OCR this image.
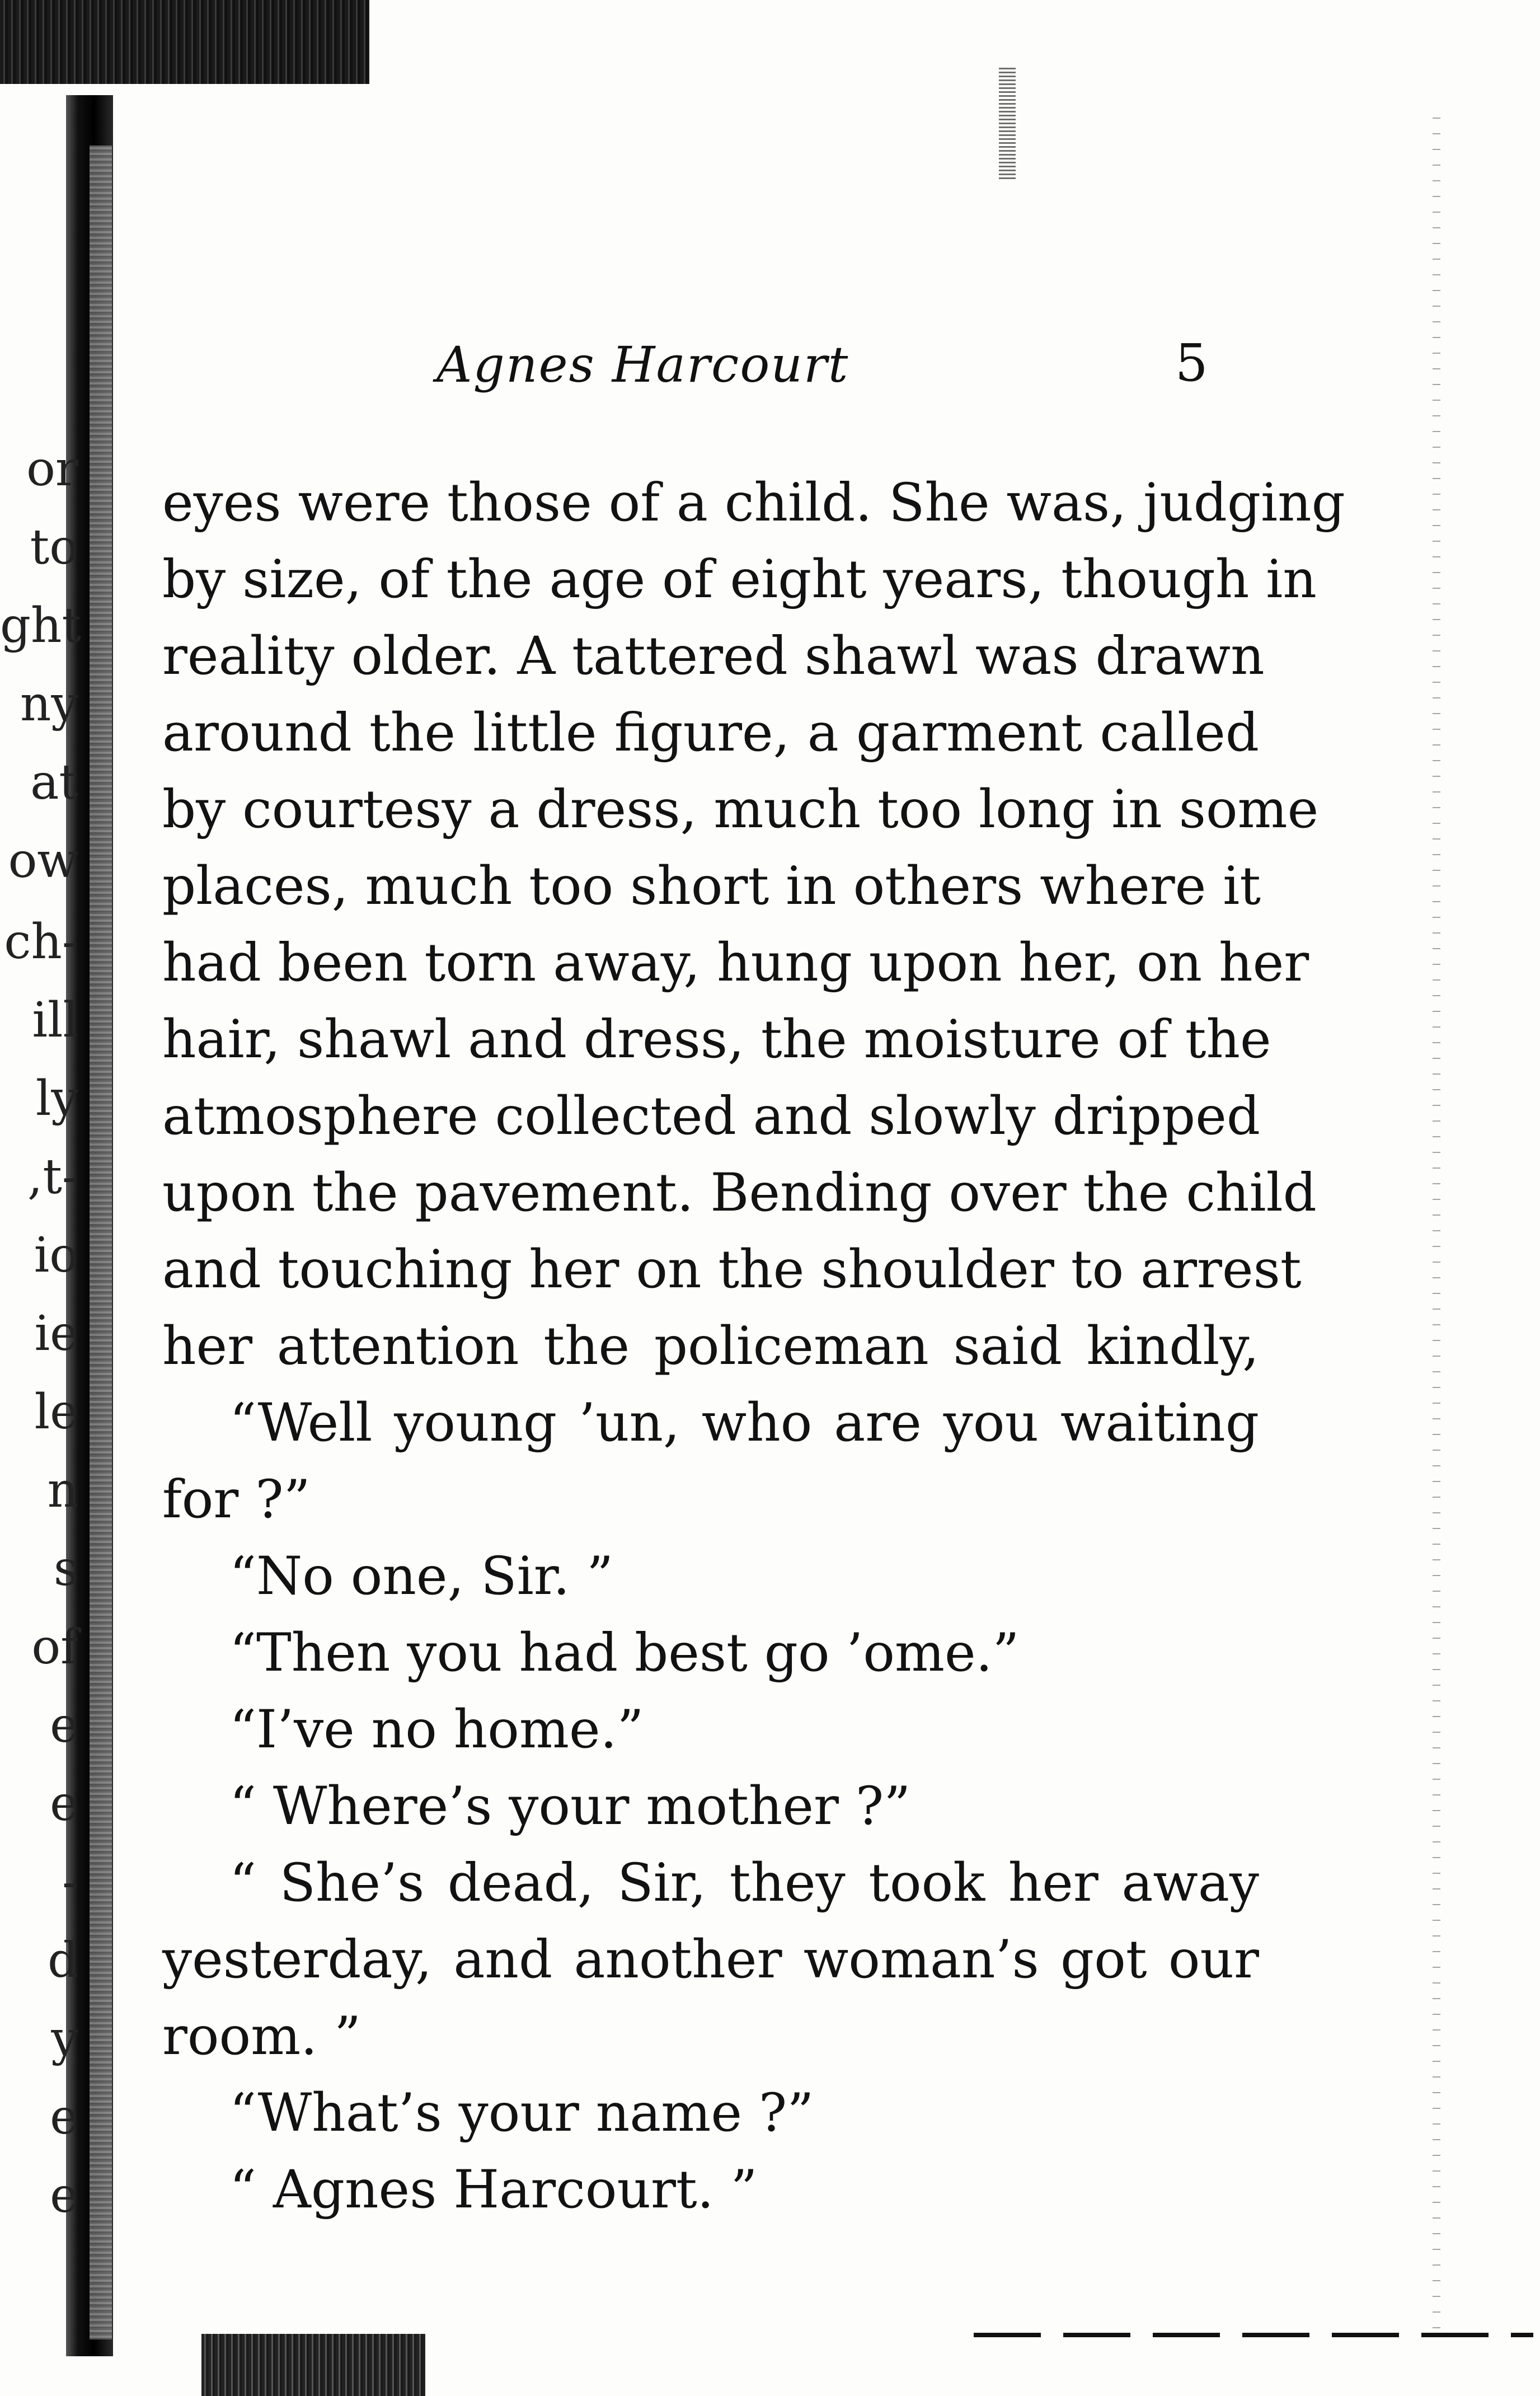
or
to
ght
ny
at
ow
ch-
ill
ly
,t-
io
ie
le
n
s
of
e
e
-
d
y
e
e
Agnes Harcourt	5
eyes were those of a child. She was, judging
by size, of the age of eight years, though in
reality older. A tattered shawl was drawn
around the little figure, a garment called
by courtesy a dress, much too long in some
places, much too short in others where it
had been torn away, hung upon her, on her
hair, shawl and dress, the moisture of the
atmosphere collected and slowly dripped
upon the pavement. Bending over the child
and touching her on the shoulder to arrest
her attention the policeman said kindly,
“Well young ’un, who are you waiting
for ?”
“No one, Sir. ”
“Then you had best go ’ome.”
“I’ve no home.”
“ Where’s your mother ?”
“ She’s dead, Sir, they took her away
yesterday, and another woman’s got our
room. ”
“What’s your name ?”
“ Agnes Harcourt. ”
